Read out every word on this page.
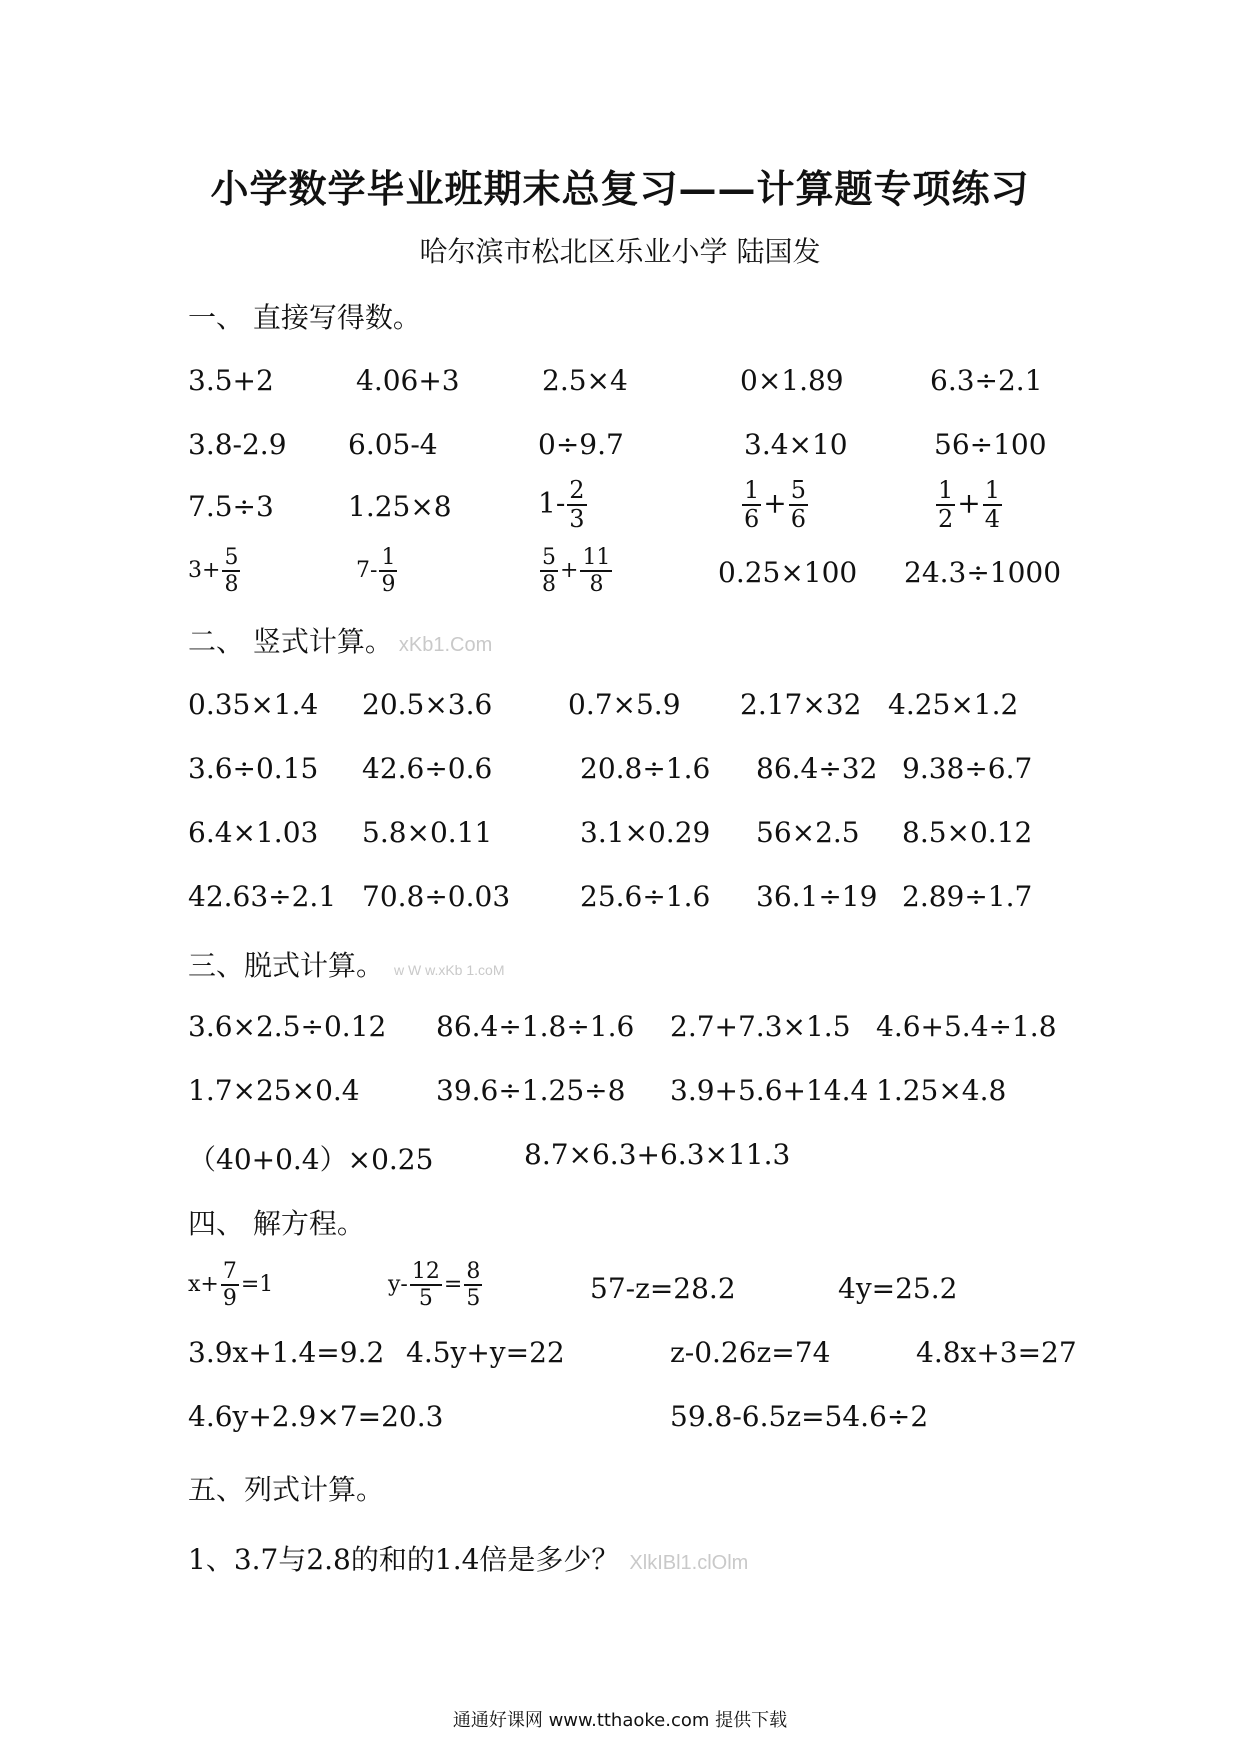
小学数学毕业班期末总复习——计算题专项练习
哈尔滨市松北区乐业小学 陆国发
一、 直接写得数。
3.5+2	4.06+3	2.5×4	0×1.89	6.3÷2.1
3.8-2.9 6.05-4	0÷9.7	3.4×10	56÷100
7.5÷3	1.25×8	$1- \frac{2}{3}$	$\frac{1}{6} + \frac{5}{6}$	$\frac{1}{2} + \frac{1}{4}$
$3+ \frac{5}{8}$	$7- \frac{1}{9}$	$\frac{5}{8} + \frac{11}{8}$	0.25×100 24.3÷1000
二、 竖式计算。 xKb1.Com
0.35×1.4 20.5×3.6	0.7×5.9 2.17×32 4.25×1.2
3.6÷0.15 42.6÷0.6	20.8÷1.6 86.4÷32 9.38÷6.7
6.4×1.03 5.8×0.11	3.1×0.29 56×2.5 8.5×0.12
42.63÷2.1 70.8÷0.03 25.6÷1.6 36.1÷19 2.89÷1.7
三、脱式计算。 w W w.xKb 1.coM
3.6×2.5÷0.12 86.4÷1.8÷1.6 2.7+7.3×1.5 4.6+5.4÷1.8
1.7×25×0.4	39.6÷1.25÷8 3.9+5.6+14.4 1.25×4.8
（40+0.4）×0.25	8.7×6.3+6.3×11.3
四、 解方程。
$x+ \frac{7}{9} =1$	$y- \frac{12}{5} = \frac{8}{5}$	57-z=28.2	4y=25.2
3.9x+1.4=9.2 4.5y+y=22	z-0.26z=74	4.8x+3=27
4.6y+2.9×7=20.3	59.8-6.5z=54.6÷2
五、列式计算。
1、3.7与2.8的和的1.4倍是多少？ XlkIBl1.clOlm
通通好课网 www.tthaoke.com 提供下载
